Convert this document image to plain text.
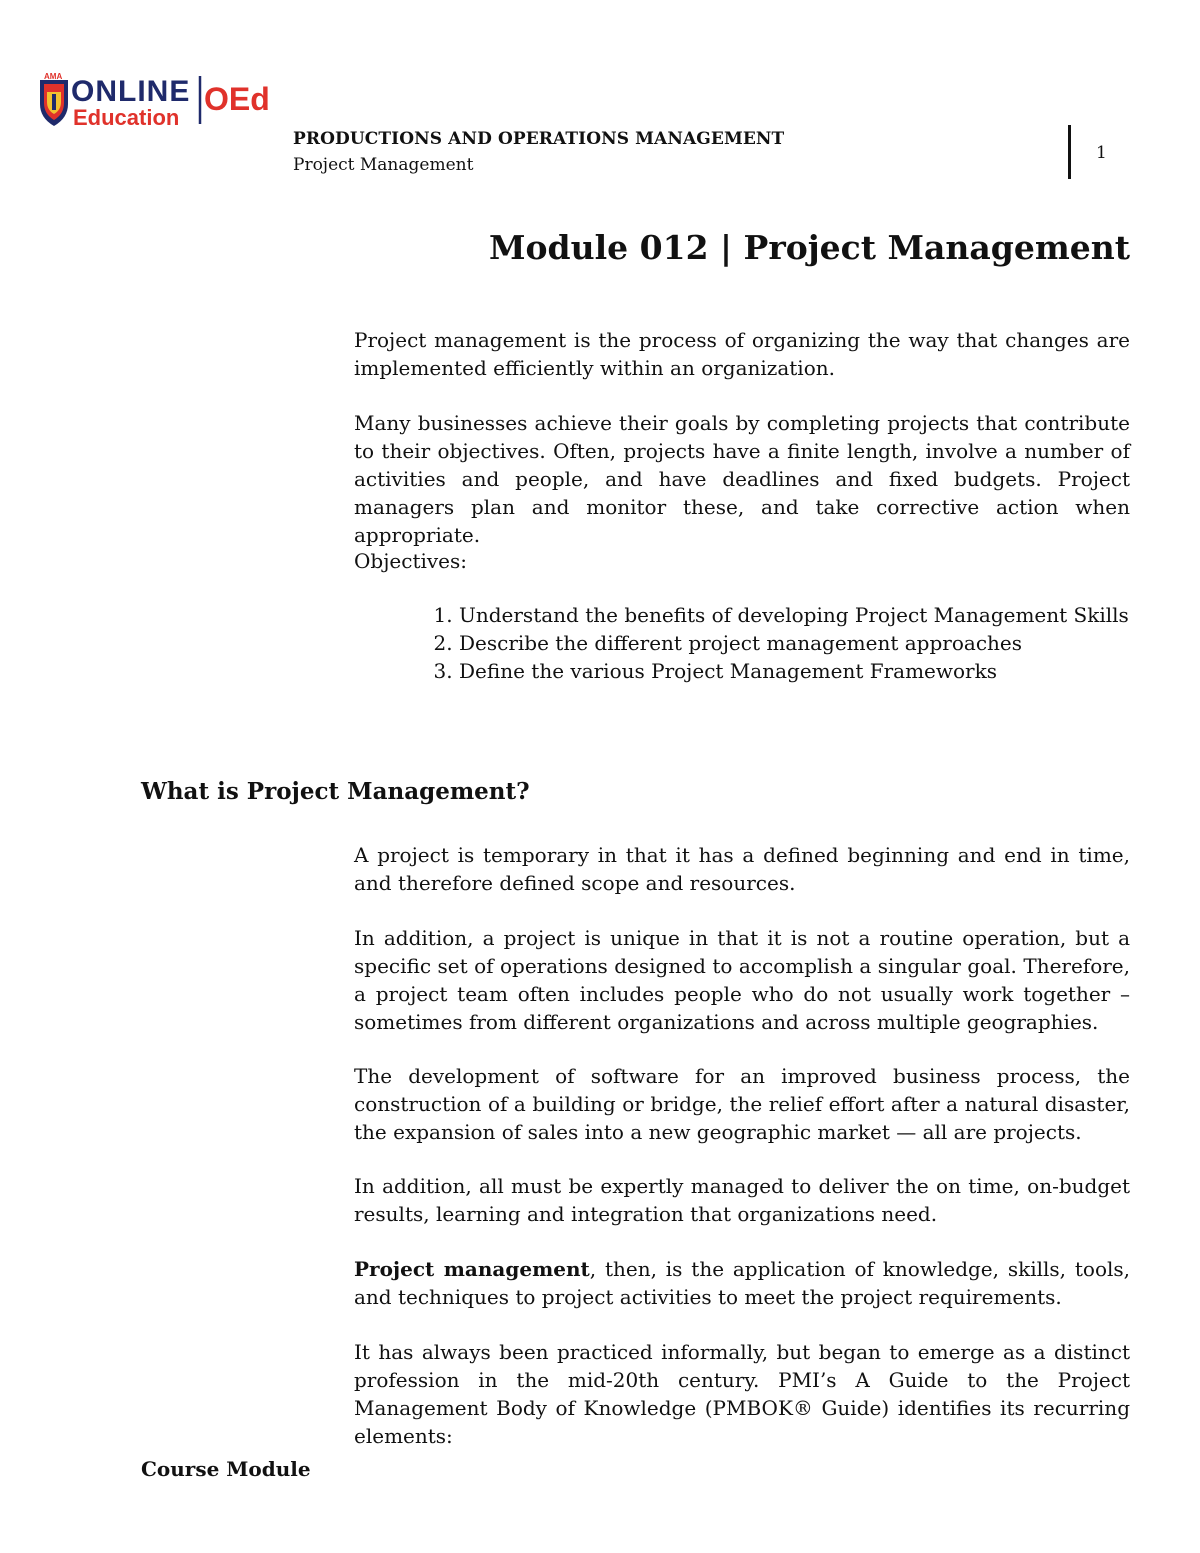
AMA ONLINE
Education
OEd
PRODUCTIONS AND OPERATIONS MANAGEMENT
Project Management
1
Module 012 | Project Management

Project management is the process of organizing the way that changes are implemented efficiently within an organization.

Many businesses achieve their goals by completing projects that contribute to their objectives. Often, projects have a finite length, involve a number of activities and people, and have deadlines and fixed budgets. Project managers plan and monitor these, and take corrective action when appropriate.

Objectives:
1. Understand the benefits of developing Project Management Skills
2. Describe the different project management approaches
3. Define the various Project Management Frameworks
What is Project Management?

A project is temporary in that it has a defined beginning and end in time, and therefore defined scope and resources.

In addition, a project is unique in that it is not a routine operation, but a specific set of operations designed to accomplish a singular goal. Therefore, a project team often includes people who do not usually work together – sometimes from different organizations and across multiple geographies.

The development of software for an improved business process, the construction of a building or bridge, the relief effort after a natural disaster, the expansion of sales into a new geographic market — all are projects.

In addition, all must be expertly managed to deliver the on time, on-budget results, learning and integration that organizations need.

Project management, then, is the application of knowledge, skills, tools, and techniques to project activities to meet the project requirements.

It has always been practiced informally, but began to emerge as a distinct profession in the mid-20th century. PMI’s A Guide to the Project Management Body of Knowledge (PMBOK® Guide) identifies its recurring elements:

Course Module
